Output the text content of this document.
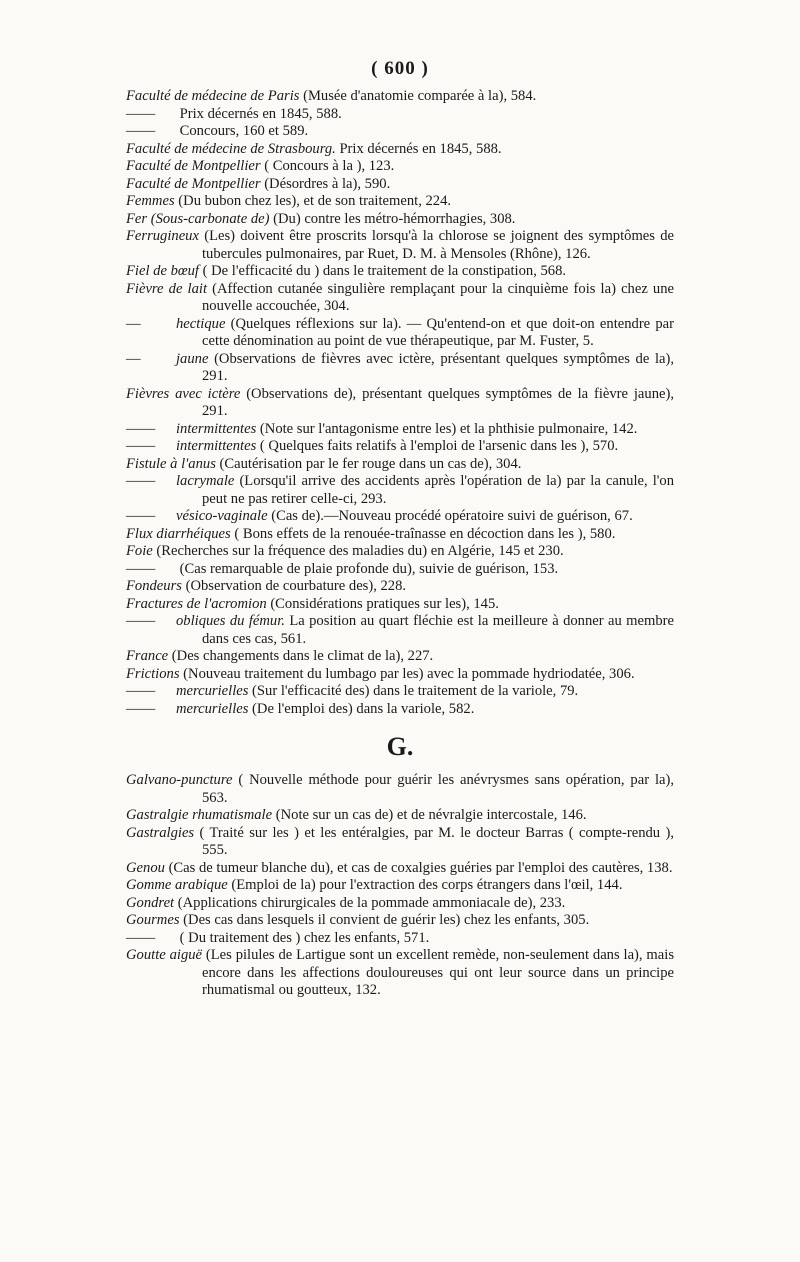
( 600 )

Faculté de médecine de Paris (Musée d'anatomie comparée à la), 584.

—— Prix décernés en 1845, 588.

—— Concours, 160 et 589.

Faculté de médecine de Strasbourg. Prix décernés en 1845, 588.

Faculté de Montpellier ( Concours à la ), 123.

Faculté de Montpellier (Désordres à la), 590.

Femmes (Du bubon chez les), et de son traitement, 224.

Fer (Sous-carbonate de) (Du) contre les métro-hémorrhagies, 308.

Ferrugineux (Les) doivent être proscrits lorsqu'à la chlorose se joignent des symptômes de tubercules pulmonaires, par Ruet, D. M. à Mensoles (Rhône), 126.

Fiel de bœuf ( De l'efficacité du ) dans le traitement de la constipation, 568.

Fièvre de lait (Affection cutanée singulière remplaçant pour la cinquième fois la) chez une nouvelle accouchée, 304.

— hectique (Quelques réflexions sur la). — Qu'entend-on et que doit-on entendre par cette dénomination au point de vue thérapeutique, par M. Fuster, 5.

— jaune (Observations de fièvres avec ictère, présentant quelques symptômes de la), 291.

Fièvres avec ictère (Observations de), présentant quelques symptômes de la fièvre jaune), 291.

—— intermittentes (Note sur l'antagonisme entre les) et la phthisie pulmonaire, 142.

—— intermittentes ( Quelques faits relatifs à l'emploi de l'arsenic dans les ), 570.

Fistule à l'anus (Cautérisation par le fer rouge dans un cas de), 304.

—— lacrymale (Lorsqu'il arrive des accidents après l'opération de la) par la canule, l'on peut ne pas retirer celle-ci, 293.

—— vésico-vaginale (Cas de).—Nouveau procédé opératoire suivi de guérison, 67.

Flux diarrhéiques ( Bons effets de la renouée-traînasse en décoction dans les ), 580.

Foie (Recherches sur la fréquence des maladies du) en Algérie, 145 et 230.

—— (Cas remarquable de plaie profonde du), suivie de guérison, 153.

Fondeurs (Observation de courbature des), 228.

Fractures de l'acromion (Considérations pratiques sur les), 145.

—— obliques du fémur. La position au quart fléchie est la meilleure à donner au membre dans ces cas, 561.

France (Des changements dans le climat de la), 227.

Frictions (Nouveau traitement du lumbago par les) avec la pommade hydriodatée, 306.

—— mercurielles (Sur l'efficacité des) dans le traitement de la variole, 79.

—— mercurielles (De l'emploi des) dans la variole, 582.

G.

Galvano-puncture ( Nouvelle méthode pour guérir les anévrysmes sans opération, par la), 563.

Gastralgie rhumatismale (Note sur un cas de) et de névralgie intercostale, 146.

Gastralgies ( Traité sur les ) et les entéralgies, par M. le docteur Barras ( compte-rendu ), 555.

Genou (Cas de tumeur blanche du), et cas de coxalgies guéries par l'emploi des cautères, 138.

Gomme arabique (Emploi de la) pour l'extraction des corps étrangers dans l'œil, 144.

Gondret (Applications chirurgicales de la pommade ammoniacale de), 233.

Gourmes (Des cas dans lesquels il convient de guérir les) chez les enfants, 305.

—— ( Du traitement des ) chez les enfants, 571.

Goutte aiguë (Les pilules de Lartigue sont un excellent remède, non-seulement dans la), mais encore dans les affections douloureuses qui ont leur source dans un principe rhumatismal ou goutteux, 132.
